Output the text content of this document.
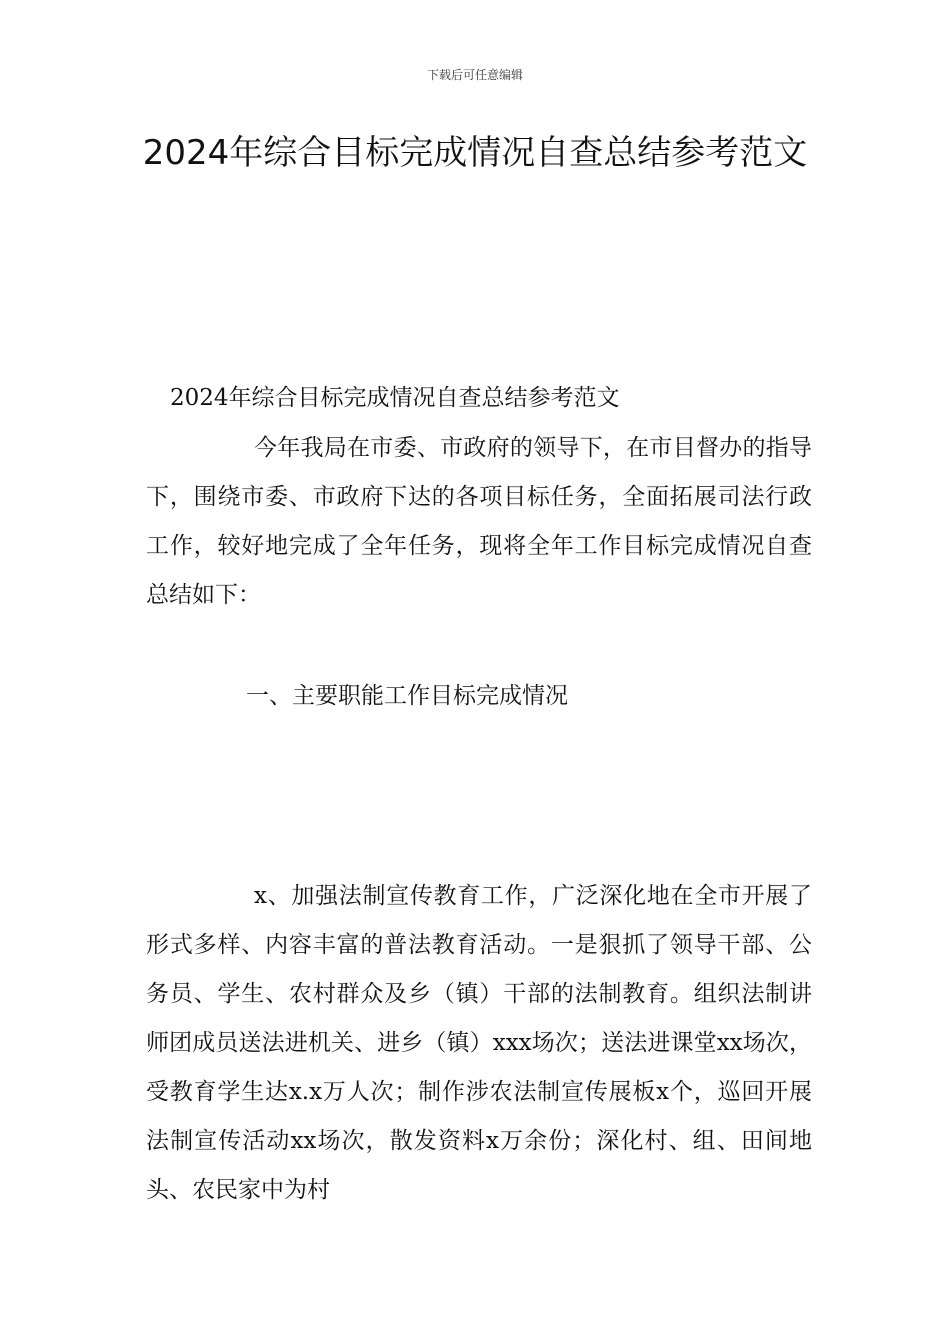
下载后可任意编辑
2024年综合目标完成情况自查总结参考范文

2024年综合目标完成情况自查总结参考范文

今年我局在市委、市政府的领导下，在市目督办的指导下，围绕市委、市政府下达的各项目标任务，全面拓展司法行政工作，较好地完成了全年任务，现将全年工作目标完成情况自查总结如下：

一、主要职能工作目标完成情况

x、加强法制宣传教育工作，广泛深化地在全市开展了形式多样、内容丰富的普法教育活动。一是狠抓了领导干部、公务员、学生、农村群众及乡（镇）干部的法制教育。组织法制讲师团成员送法进机关、进乡（镇）xxx场次；送法进课堂xx场次，受教育学生达x.x万人次；制作涉农法制宣传展板x个，巡回开展法制宣传活动xx场次，散发资料x万余份；深化村、组、田间地头、农民家中为村
